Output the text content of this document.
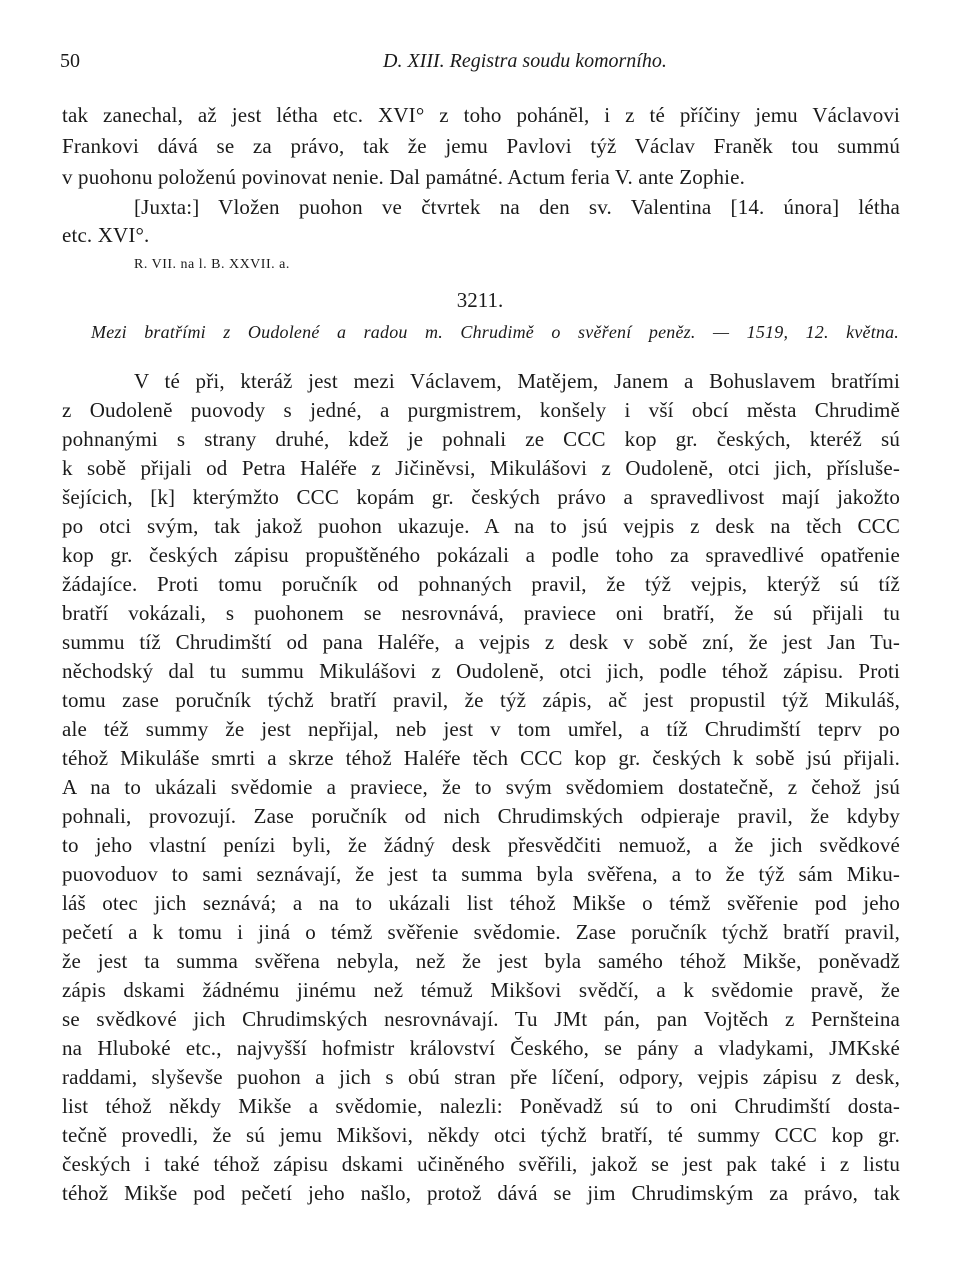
50	D. XIII. Registra soudu komorního.
tak zanechal, až jest létha etc. XVI° z toho pohánĕl, i z té příčiny jemu Václavovi
Frankovi dává se za právo, tak že jemu Pavlovi týž Václav Franěk tou summú
v puohonu položenú povinovat nenie. Dal památné. Actum feria V. ante Zophie.
[Juxta:] Vložen puohon ve čtvrtek na den sv. Valentina [14. února] létha
etc. XVI°.
R. VII. na l. B. XXVII. a.
3211.
Mezi bratřími z Oudolené a radou m. Chrudimě o svěření peněz. — 1519, 12. května.
V té při, kteráž jest mezi Václavem, Matějem, Janem a Bohuslavem bratřími
z Oudolenĕ puovody s jedné, a purgmistrem, konšely i vší obcí města Chrudimě
pohnanými s strany druhé, kdež je pohnali ze CCC kop gr. českých, kteréž sú
k sobě přijali od Petra Haléře z Jičiněvsi, Mikulášovi z Oudolenĕ, otci jich, přísluše-
šejícich, [k] kterýmžto CCC kopám gr. českých právo a spravedlivost mají jakožto
po otci svým, tak jakož puohon ukazuje. A na to jsú vejpis z desk na těch CCC
kop gr. českých zápisu propuštěného pokázali a podle toho za spravedlivé opatřenie
žádajíce. Proti tomu poručník od pohnaných pravil, že týž vejpis, kterýž sú tíž
bratří vokázali, s puohonem se nesrovnává, praviece oni bratří, že sú přijali tu
summu tíž Chrudimští od pana Haléře, a vejpis z desk v sobě zní, že jest Jan Tu-
něchodský dal tu summu Mikulášovi z Oudolenĕ, otci jich, podle téhož zápisu. Proti
tomu zase poručník týchž bratří pravil, že týž zápis, ač jest propustil týž Mikuláš,
ale též summy že jest nepřijal, neb jest v tom umřel, a tíž Chrudimští teprv po
téhož Mikuláše smrti a skrze téhož Haléře těch CCC kop gr. českých k sobě jsú přijali.
A na to ukázali svědomie a praviece, že to svým svědomiem dostatečně, z čehož jsú
pohnali, provozují. Zase poručník od nich Chrudimských odpieraje pravil, že kdyby
to jeho vlastní penízi byli, že žádný desk přesvědčiti nemuož, a že jich svědkové
puovoduov to sami seznávají, že jest ta summa byla svěřena, a to že týž sám Miku-
láš otec jich seznává; a na to ukázali list téhož Mikše o témž svěřenie pod jeho
pečetí a k tomu i jiná o témž svěřenie svědomie. Zase poručník týchž bratří pravil,
že jest ta summa svěřena nebyla, než že jest byla samého téhož Mikše, poněvadž
zápis dskami žádnému jinému než témuž Mikšovi svědčí, a k svědomie pravě, že
se svědkové jich Chrudimských nesrovnávají. Tu JMt pán, pan Vojtěch z Pernšteina
na Hluboké etc., najvyšší hofmistr království Českého, se pány a vladykami, JMKské
raddami, slyševše puohon a jich s obú stran pře líčení, odpory, vejpis zápisu z desk,
list téhož někdy Mikše a svědomie, nalezli: Poněvadž sú to oni Chrudimští dosta-
tečně provedli, že sú jemu Mikšovi, někdy otci týchž bratří, té summy CCC kop gr.
českých i také téhož zápisu dskami učiněného svěřili, jakož se jest pak také i z listu
téhož Mikše pod pečetí jeho našlo, protož dává se jim Chrudimským za právo, tak
